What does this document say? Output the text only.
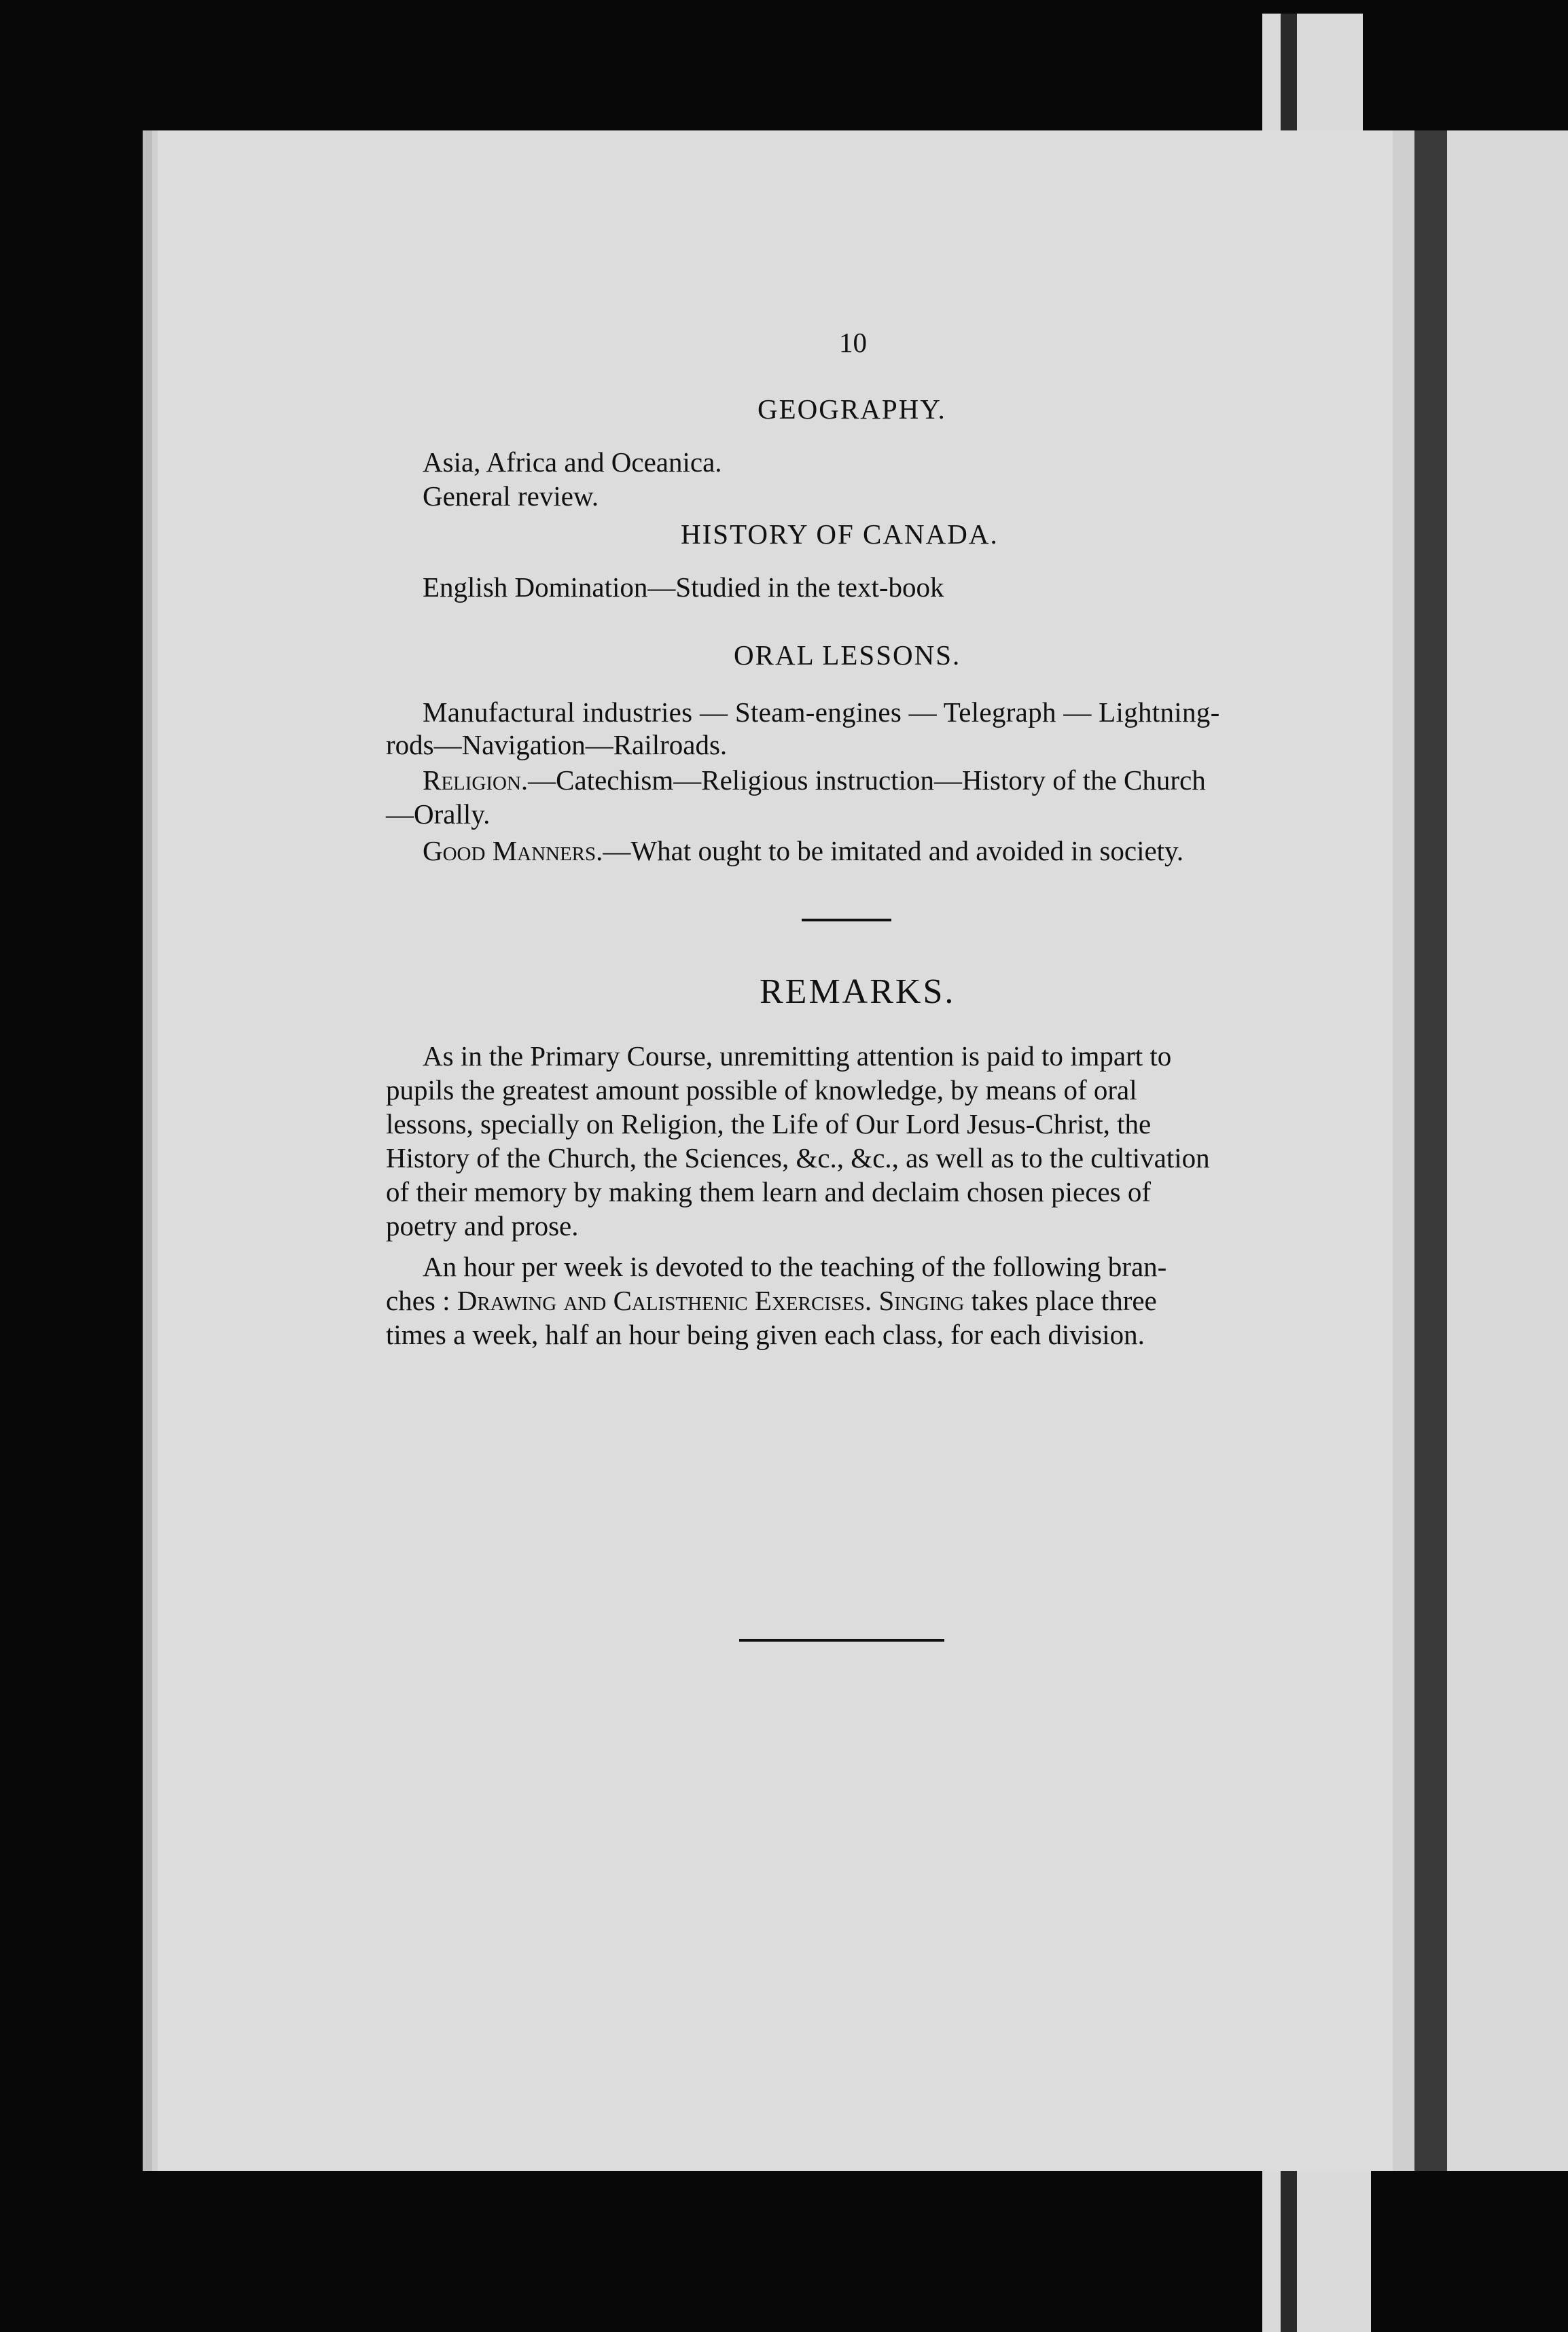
10
GEOGRAPHY.
Asia, Africa and Oceanica.
General review.
HISTORY OF CANADA.
English Domination—Studied in the text-book
ORAL LESSONS.
Manufactural industries — Steam-engines — Telegraph — Lightning-
rods—Navigation—Railroads.
Religion.—Catechism—Religious instruction—History of the Church
—Orally.
Good Manners.—What ought to be imitated and avoided in society.
REMARKS.
As in the Primary Course, unremitting attention is paid to impart to
pupils the greatest amount possible of knowledge, by means of oral
lessons, specially on Religion, the Life of Our Lord Jesus-Christ, the
History of the Church, the Sciences, &c., &c., as well as to the cultivation
of their memory by making them learn and declaim chosen pieces of
poetry and prose.
An hour per week is devoted to the teaching of the following bran-
ches : Drawing and Calisthenic Exercises. Singing takes place three
times a week, half an hour being given each class, for each division.
